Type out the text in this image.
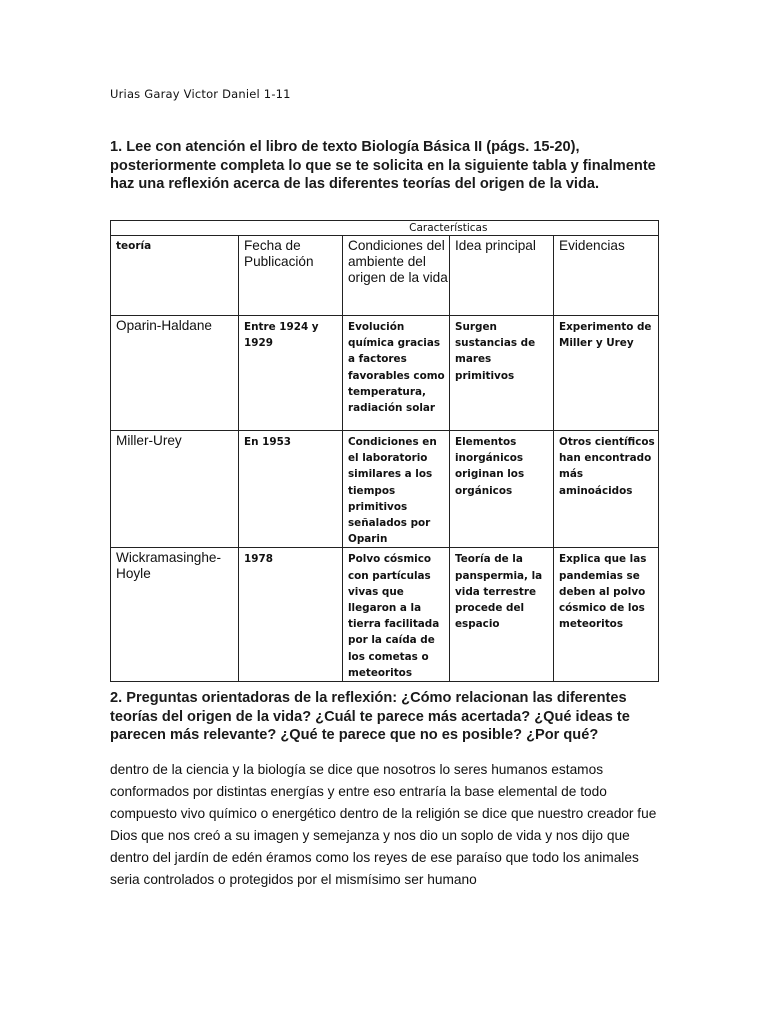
Urias Garay Victor Daniel 1-11

1. Lee con atención el libro de texto Biología Básica II (págs. 15-20), posteriormente completa lo que se te solicita en la siguiente tabla y finalmente haz una reflexión acerca de las diferentes teorías del origen de la vida.

	Características			
teoría	Fecha de Publicación	Condiciones del ambiente del origen de la vida	Idea principal	Evidencias
Oparin-Haldane	Entre 1924 y 1929	Evolución química gracias a factores favorables como temperatura, radiación solar	Surgen sustancias de mares primitivos	Experimento de Miller y Urey
Miller-Urey	En 1953	Condiciones en el laboratorio similares a los tiempos primitivos señalados por Oparin	Elementos inorgánicos originan los orgánicos	Otros científicos han encontrado más aminoácidos
Wickramasinghe-Hoyle	1978	Polvo cósmico con partículas vivas que llegaron a la tierra facilitada por la caída de los cometas o meteoritos	Teoría de la panspermia, la vida terrestre procede del espacio	Explica que las pandemias se deben al polvo cósmico de los meteoritos

2. Preguntas orientadoras de la reflexión: ¿Cómo relacionan las diferentes teorías del origen de la vida? ¿Cuál te parece más acertada? ¿Qué ideas te parecen más relevante? ¿Qué te parece que no es posible? ¿Por qué?

dentro de la ciencia y la biología se dice que nosotros lo seres humanos estamos conformados por distintas energías y entre eso entraría la base elemental de todo compuesto vivo químico o energético dentro de la religión se dice que nuestro creador fue Dios que nos creó a su imagen y semejanza y nos dio un soplo de vida y nos dijo que dentro del jardín de edén éramos como los reyes de ese paraíso que todo los animales seria controlados o protegidos por el mismísimo ser humano
